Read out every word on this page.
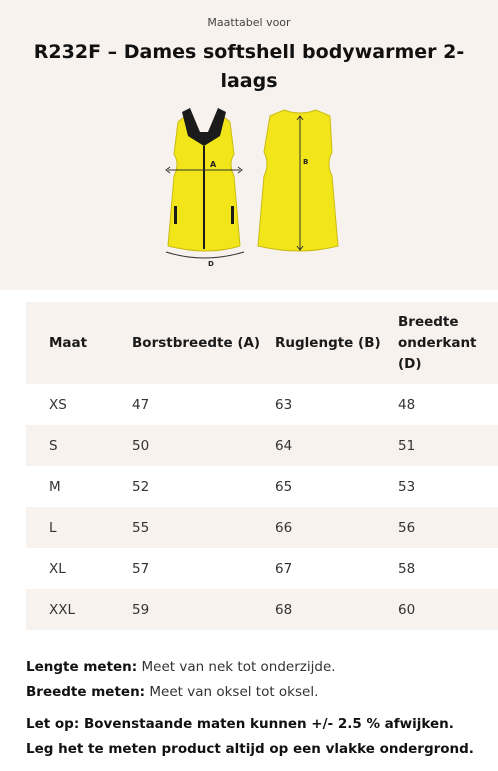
Maattabel voor
R232F – Dames softshell bodywarmer 2-laags
A
D
B
Maat	Borstbreedte (A)	Ruglengte (B)	Breedte onderkant (D)
XS	47	63	48
S	50	64	51
M	52	65	53
L	55	66	56
XL	57	67	58
XXL	59	68	60
Lengte meten: Meet van nek tot onderzijde.
Breedte meten: Meet van oksel tot oksel.
Let op: Bovenstaande maten kunnen +/- 2.5 % afwijken. Leg het te meten product altijd op een vlakke ondergrond.
